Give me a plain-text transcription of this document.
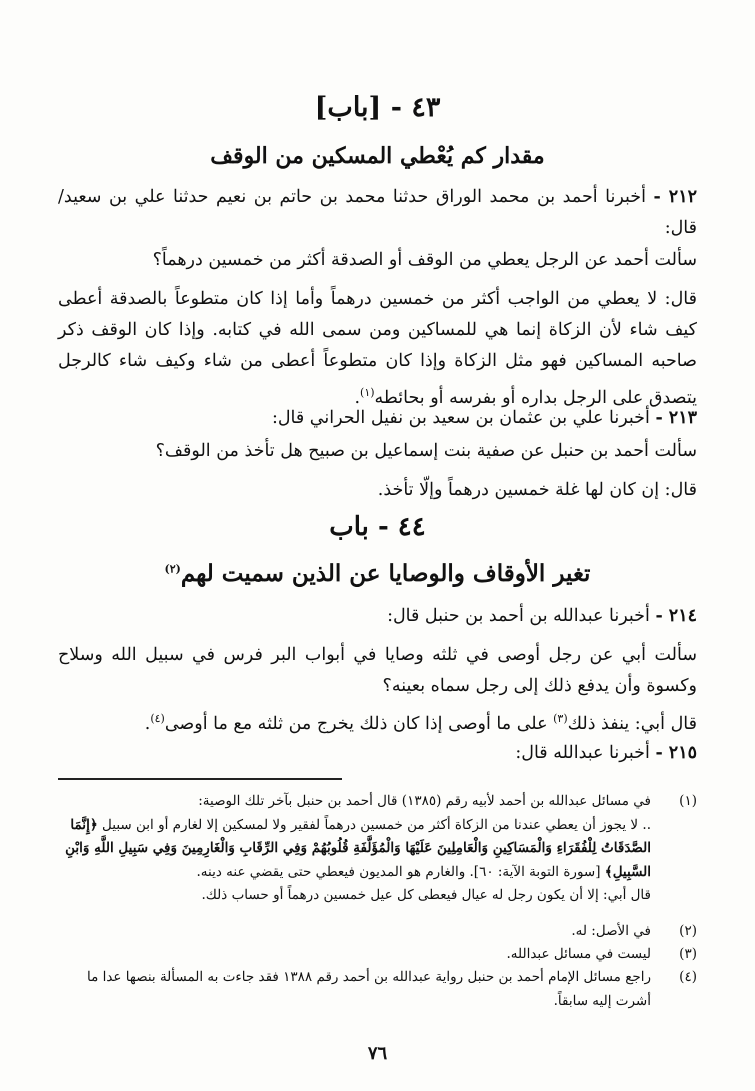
٤٣ - [باب]
مقدار كم يُعْطي المسكين من الوقف
٢١٢ - أخبرنا أحمد بن محمد الوراق حدثنا محمد بن حاتم بن نعيم حدثنا علي بن سعيد/ قال:
سألت أحمد عن الرجل يعطي من الوقف أو الصدقة أكثر من خمسين درهماً؟
قال: لا يعطي من الواجب أكثر من خمسين درهماً وأما إذا كان متطوعاً بالصدقة أعطى كيف شاء لأن الزكاة إنما هي للمساكين ومن سمى الله في كتابه. وإذا كان الوقف ذكر صاحبه المساكين فهو مثل الزكاة وإذا كان متطوعاً أعطى من شاء وكيف شاء كالرجل يتصدق على الرجل بداره أو بفرسه أو بحائطه$^{(١)}$.
٢١٣ - أخبرنا علي بن عثمان بن سعيد بن نفيل الحراني قال:
سألت أحمد بن حنبل عن صفية بنت إسماعيل بن صبيح هل تأخذ من الوقف؟
قال: إن كان لها غلة خمسين درهماً وإلّا تأخذ.
٤٤ - باب
تغير الأوقاف والوصايا عن الذين سميت لهم$^{(٢)}$
٢١٤ - أخبرنا عبدالله بن أحمد بن حنبل قال:
سألت أبي عن رجل أوصى في ثلثه وصايا في أبواب البر فرس في سبيل الله وسلاح وكسوة وأن يدفع ذلك إلى رجل سماه بعينه؟
قال أبي: ينفذ ذلك$^{(٣)}$ على ما أوصى إذا كان ذلك يخرج من ثلثه مع ما أوصى$^{(٤)}$.
٢١٥ - أخبرنا عبدالله قال:
(١)
في مسائل عبدالله بن أحمد لأبيه رقم (١٣٨٥) قال أحمد بن حنبل بآخر تلك الوصية:
.. لا يجوز أن يعطي عندنا من الزكاة أكثر من خمسين درهماً لفقير ولا لمسكين إلا لغارم أو ابن سبيل ﴿إِنَّمَا الصَّدَقَاتُ لِلْفُقَرَاءِ وَالْمَسَاكِينِ وَالْعَامِلِينَ عَلَيْهَا وَالْمُؤَلَّفَةِ قُلُوبُهُمْ وَفِي الرِّقَابِ وَالْغَارِمِينَ وَفِي سَبِيلِ اللَّهِ وَابْنِ السَّبِيلِ﴾ [سورة التوبة الآية: ٦٠]. والغارم هو المديون فيعطي حتى يقضي عنه دينه.
قال أبي: إلا أن يكون رجل له عيال فيعطى كل عيل خمسين درهماً أو حساب ذلك.
(٢)
في الأصل: له.
(٣)
ليست في مسائل عبدالله.
(٤)
راجع مسائل الإمام أحمد بن حنبل رواية عبدالله بن أحمد رقم ١٣٨٨ فقد جاءت به المسألة بنصها عدا ما أشرت إليه سابقاً.
٧٦
